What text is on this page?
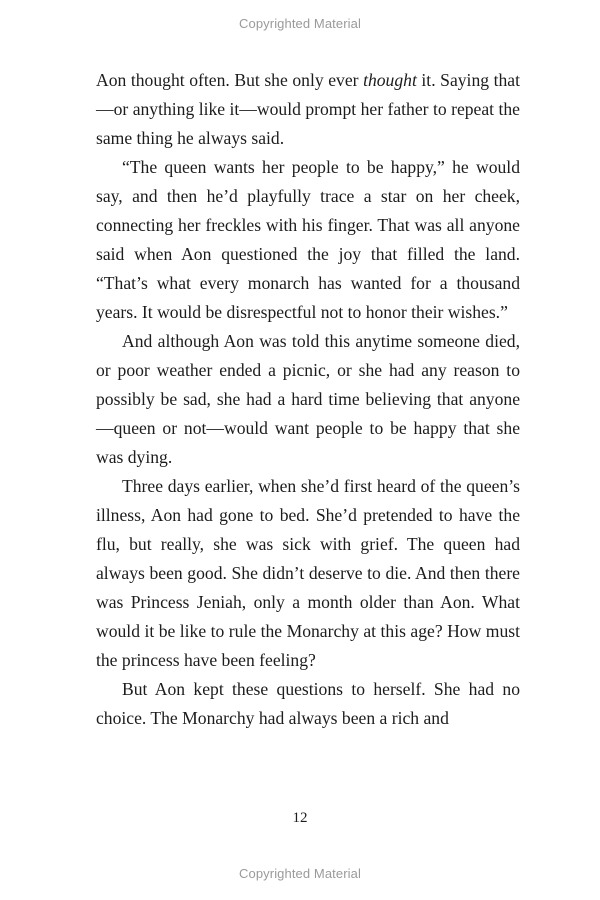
Copyrighted Material

Aon thought often. But she only ever thought it. Saying that—or anything like it—would prompt her father to repeat the same thing he always said.

“The queen wants her people to be happy,” he would say, and then he’d playfully trace a star on her cheek, connecting her freckles with his finger. That was all anyone said when Aon questioned the joy that filled the land. “That’s what every monarch has wanted for a thousand years. It would be disrespectful not to honor their wishes.”

And although Aon was told this anytime someone died, or poor weather ended a picnic, or she had any reason to possibly be sad, she had a hard time believing that anyone—queen or not—would want people to be happy that she was dying.

Three days earlier, when she’d first heard of the queen’s illness, Aon had gone to bed. She’d pretended to have the flu, but really, she was sick with grief. The queen had always been good. She didn’t deserve to die. And then there was Princess Jeniah, only a month older than Aon. What would it be like to rule the Monarchy at this age? How must the princess have been feeling?

But Aon kept these questions to herself. She had no choice. The Monarchy had always been a rich and

12
Copyrighted Material
